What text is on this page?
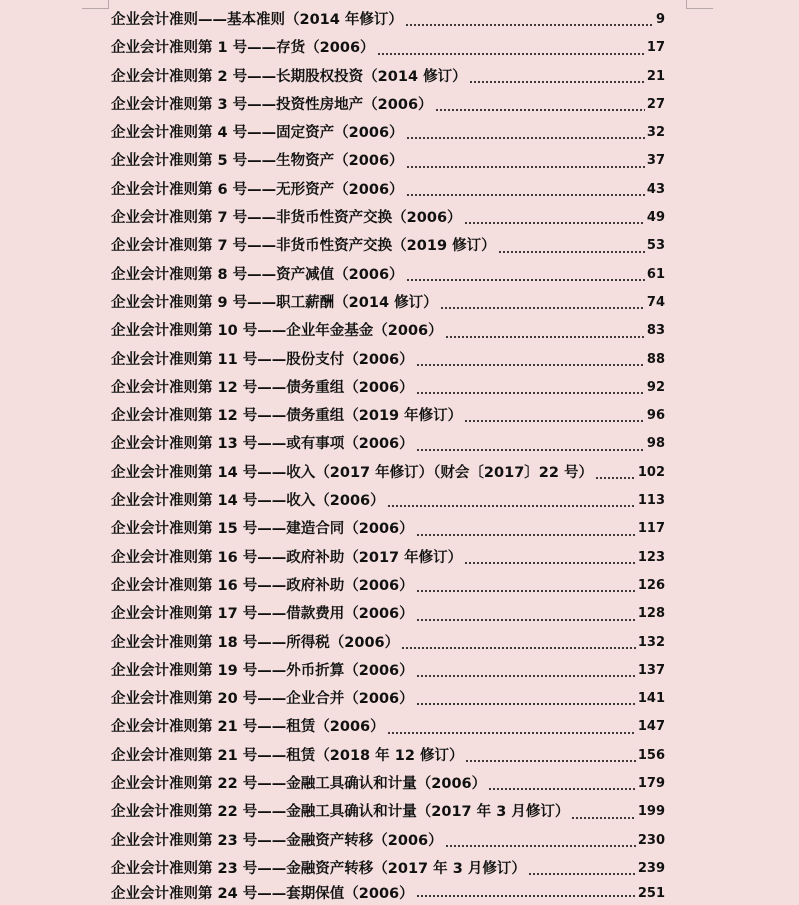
企业会计准则——基本准则（2014 年修订）	9
企业会计准则第 1 号——存货（2006）	17
企业会计准则第 2 号——长期股权投资（2014 修订）	21
企业会计准则第 3 号——投资性房地产（2006）	27
企业会计准则第 4 号——固定资产（2006）	32
企业会计准则第 5 号——生物资产（2006）	37
企业会计准则第 6 号——无形资产（2006）	43
企业会计准则第 7 号——非货币性资产交换（2006）	49
企业会计准则第 7 号——非货币性资产交换（2019 修订）	53
企业会计准则第 8 号——资产减值（2006）	61
企业会计准则第 9 号——职工薪酬（2014 修订）	74
企业会计准则第 10 号——企业年金基金（2006）	83
企业会计准则第 11 号——股份支付（2006）	88
企业会计准则第 12 号——债务重组（2006）	92
企业会计准则第 12 号——债务重组（2019 年修订）	96
企业会计准则第 13 号——或有事项（2006）	98
企业会计准则第 14 号——收入（2017 年修订）（财会〔2017〕22 号）	102
企业会计准则第 14 号——收入（2006）	113
企业会计准则第 15 号——建造合同（2006）	117
企业会计准则第 16 号——政府补助（2017 年修订）	123
企业会计准则第 16 号——政府补助（2006）	126
企业会计准则第 17 号——借款费用（2006）	128
企业会计准则第 18 号——所得税（2006）	132
企业会计准则第 19 号——外币折算（2006）	137
企业会计准则第 20 号——企业合并（2006）	141
企业会计准则第 21 号——租赁（2006）	147
企业会计准则第 21 号——租赁（2018 年 12 修订）	156
企业会计准则第 22 号——金融工具确认和计量（2006）	179
企业会计准则第 22 号——金融工具确认和计量（2017 年 3 月修订）	199
企业会计准则第 23 号——金融资产转移（2006）	230
企业会计准则第 23 号——金融资产转移（2017 年 3 月修订）	239
企业会计准则第 24 号——套期保值（2006）	251
